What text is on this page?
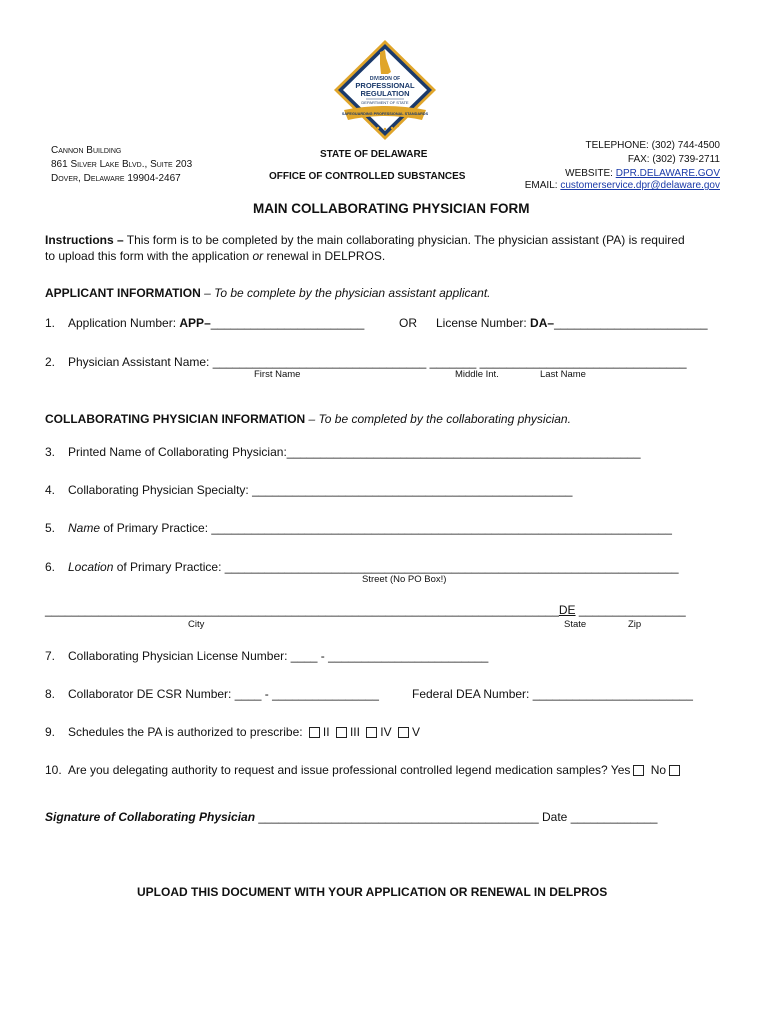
DIVISION OF
PROFESSIONAL
REGULATION
DEPARTMENT OF STATE
SAFEGUARDING PROFESSIONAL STANDARDS
Cannon Building
861 Silver Lake Blvd., Suite 203
Dover, Delaware 19904-2467
STATE OF DELAWARE
OFFICE OF CONTROLLED SUBSTANCES
TELEPHONE: (302) 744-4500
FAX: (302) 739-2711
WEBSITE: DPR.DELAWARE.GOV
EMAIL: customerservice.dpr@delaware.gov
MAIN COLLABORATING PHYSICIAN FORM
Instructions – This form is to be completed by the main collaborating physician. The physician assistant (PA) is required
to upload this form with the application or renewal in DELPROS.
APPLICANT INFORMATION – To be complete by the physician assistant applicant.
1. Application Number: APP–_______________________	OR License Number: DA–_______________________
2. Physician Assistant Name: ________________________________ _______ _______________________________
First Name	Middle Int.	Last Name
COLLABORATING PHYSICIAN INFORMATION – To be completed by the collaborating physician.
3. Printed Name of Collaborating Physician:_____________________________________________________
4. Collaborating Physician Specialty: ________________________________________________
5. Name of Primary Practice: _____________________________________________________________________
6. Location of Primary Practice: ____________________________________________________________________
Street (No PO Box!)
_____________________________________________________________________________DE ________________
City	State	Zip
7. Collaborating Physician License Number: ____ - ________________________
8. Collaborator DE CSR Number: ____ - ________________	Federal DEA Number: ________________________
9. Schedules the PA is authorized to prescribe: II III IV V
10. Are you delegating authority to request and issue professional controlled legend medication samples? Yes No
Signature of Collaborating Physician __________________________________________ Date _____________
UPLOAD THIS DOCUMENT WITH YOUR APPLICATION OR RENEWAL IN DELPROS
